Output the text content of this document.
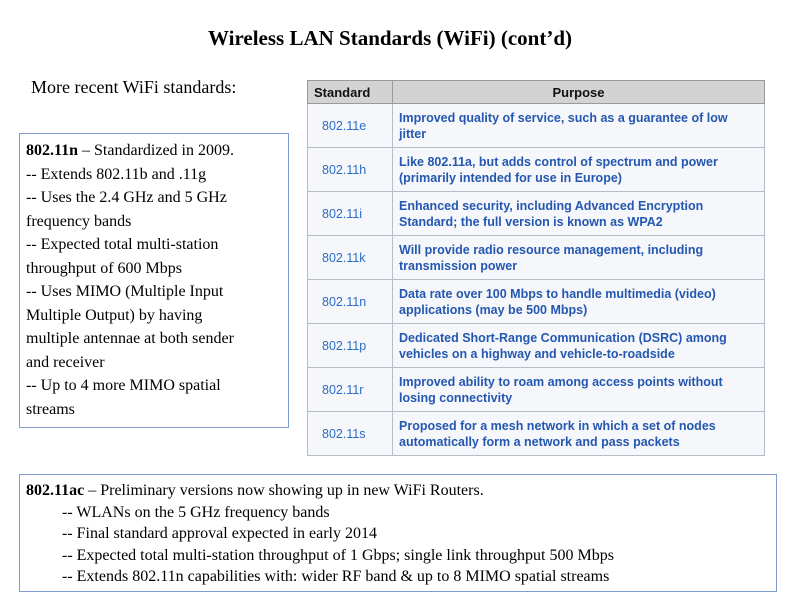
Wireless LAN Standards (WiFi) (cont’d)
More recent WiFi standards:
802.11n – Standardized in 2009.
-- Extends 802.11b and .11g
-- Uses the 2.4 GHz and 5 GHz
frequency bands
-- Expected total multi-station
throughput of 600 Mbps
-- Uses MIMO (Multiple Input
Multiple Output) by having
multiple antennae at both sender
and receiver
-- Up to 4 more MIMO spatial
streams
Standard	Purpose
802.11e	Improved quality of service, such as a guarantee of low jitter
802.11h	Like 802.11a, but adds control of spectrum and power (primarily intended for use in Europe)
802.11i	Enhanced security, including Advanced Encryption Standard; the full version is known as WPA2
802.11k	Will provide radio resource management, including transmission power
802.11n	Data rate over 100 Mbps to handle multimedia (video) applications (may be 500 Mbps)
802.11p	Dedicated Short-Range Communication (DSRC) among vehicles on a highway and vehicle-to-roadside
802.11r	Improved ability to roam among access points without losing connectivity
802.11s	Proposed for a mesh network in which a set of nodes automatically form a network and pass packets
802.11ac – Preliminary versions now showing up in new WiFi Routers.
-- WLANs on the 5 GHz frequency bands
-- Final standard approval expected in early 2014
-- Expected total multi-station throughput of 1 Gbps; single link throughput 500 Mbps
-- Extends 802.11n capabilities with: wider RF band & up to 8 MIMO spatial streams
